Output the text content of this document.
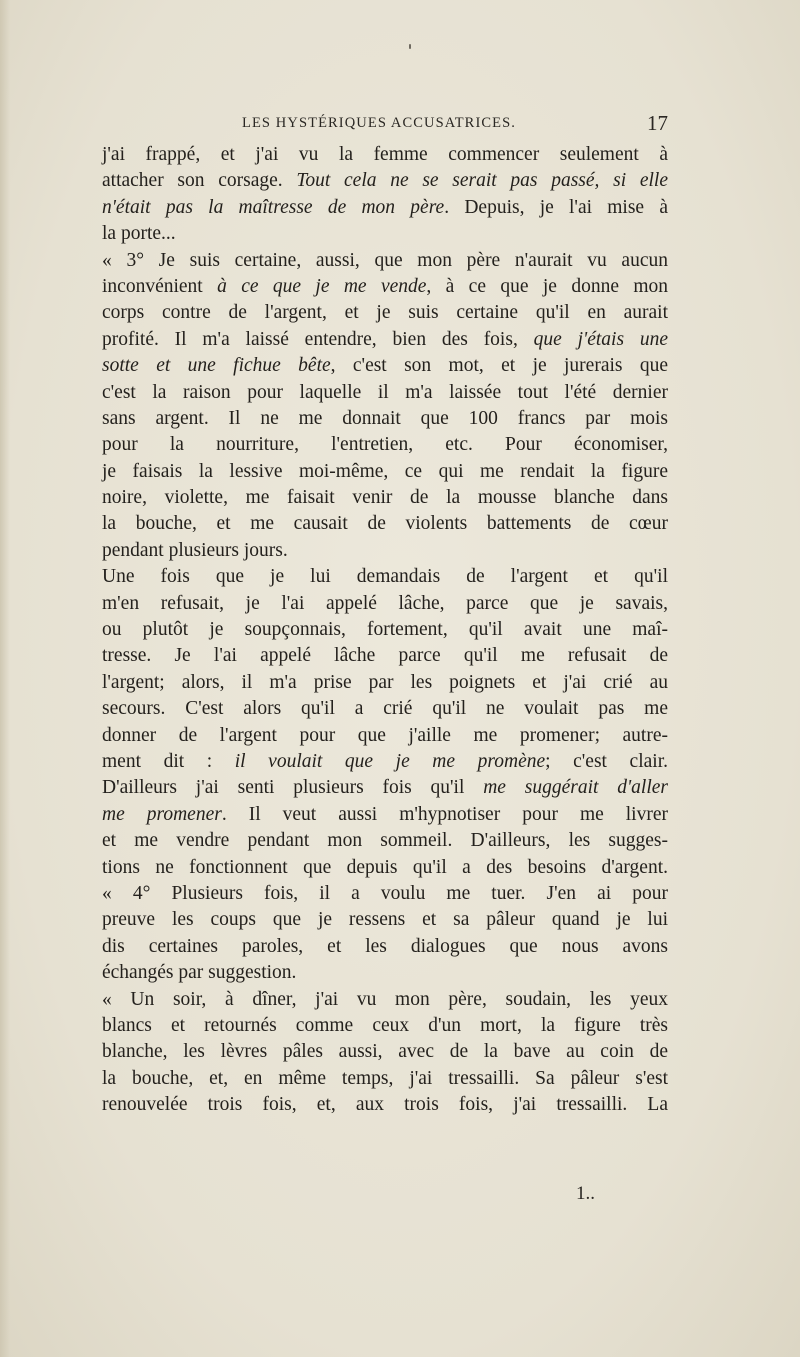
LES HYSTÉRIQUES ACCUSATRICES.	17
j'ai frappé, et j'ai vu la femme commencer seulement à
attacher son corsage. Tout cela ne se serait pas passé, si elle
n'était pas la maîtresse de mon père. Depuis, je l'ai mise à
la porte...
« 3° Je suis certaine, aussi, que mon père n'aurait vu aucun
inconvénient à ce que je me vende, à ce que je donne mon
corps contre de l'argent, et je suis certaine qu'il en aurait
profité. Il m'a laissé entendre, bien des fois, que j'étais une
sotte et une fichue bête, c'est son mot, et je jurerais que
c'est la raison pour laquelle il m'a laissée tout l'été dernier
sans argent. Il ne me donnait que 100 francs par mois
pour la nourriture, l'entretien, etc. Pour économiser,
je faisais la lessive moi-même, ce qui me rendait la figure
noire, violette, me faisait venir de la mousse blanche dans
la bouche, et me causait de violents battements de cœur
pendant plusieurs jours.
Une fois que je lui demandais de l'argent et qu'il
m'en refusait, je l'ai appelé lâche, parce que je savais,
ou plutôt je soupçonnais, fortement, qu'il avait une maî-
tresse. Je l'ai appelé lâche parce qu'il me refusait de
l'argent; alors, il m'a prise par les poignets et j'ai crié au
secours. C'est alors qu'il a crié qu'il ne voulait pas me
donner de l'argent pour que j'aille me promener; autre-
ment dit : il voulait que je me promène; c'est clair.
D'ailleurs j'ai senti plusieurs fois qu'il me suggérait d'aller
me promener. Il veut aussi m'hypnotiser pour me livrer
et me vendre pendant mon sommeil. D'ailleurs, les sugges-
tions ne fonctionnent que depuis qu'il a des besoins d'argent.
« 4° Plusieurs fois, il a voulu me tuer. J'en ai pour
preuve les coups que je ressens et sa pâleur quand je lui
dis certaines paroles, et les dialogues que nous avons
échangés par suggestion.
« Un soir, à dîner, j'ai vu mon père, soudain, les yeux
blancs et retournés comme ceux d'un mort, la figure très
blanche, les lèvres pâles aussi, avec de la bave au coin de
la bouche, et, en même temps, j'ai tressailli. Sa pâleur s'est
renouvelée trois fois, et, aux trois fois, j'ai tressailli. La
1..
